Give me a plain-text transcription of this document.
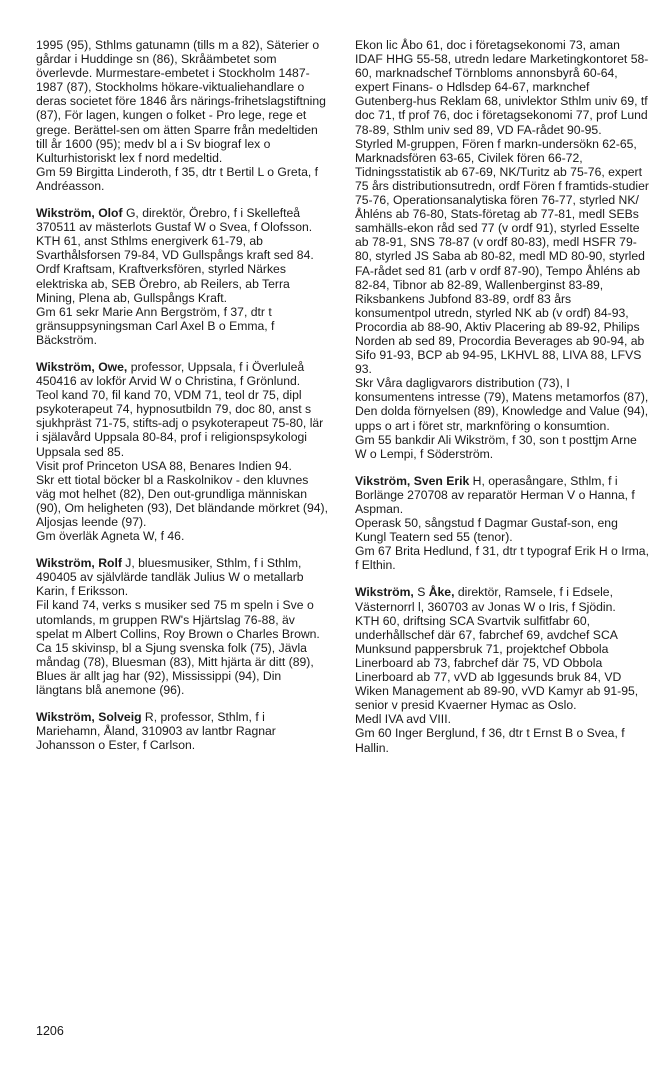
1995 (95), Sthlms gatunamn (tills m a 82), Säterier o gårdar i Huddinge sn (86), Skråämbetet som överlevde. Murmestare-embetet i Stockholm 1487-1987 (87), Stockholms hökare-viktualiehandlare o deras societet före 1846 års närings-frihetslagstiftning (87), För lagen, kungen o folket - Pro lege, rege et grege. Berättel-sen om ätten Sparre från medeltiden till år 1600 (95); medv bl a i Sv biograf lex o Kulturhistoriskt lex f nord medeltid.

Gm 59 Birgitta Linderoth, f 35, dtr t Bertil L o Greta, f Andréasson.

Wikström, Olof G, direktör, Örebro, f i Skellefteå 370511 av mästerlots Gustaf W o Svea, f Olofsson.

KTH 61, anst Sthlms energiverk 61-79, ab Svarthålsforsen 79-84, VD Gullspångs kraft sed 84.

Ordf Kraftsam, Kraftverksfören, styrled Närkes elektriska ab, SEB Örebro, ab Reilers, ab Terra Mining, Plena ab, Gullspångs Kraft.

Gm 61 sekr Marie Ann Bergström, f 37, dtr t gränsuppsyningsman Carl Axel B o Emma, f Bäckström.

Wikström, Owe, professor, Uppsala, f i Överluleå 450416 av lokför Arvid W o Christina, f Grönlund.

Teol kand 70, fil kand 70, VDM 71, teol dr 75, dipl psykoterapeut 74, hypnosutbildn 79, doc 80, anst s sjukhpräst 71-75, stifts-adj o psykoterapeut 75-80, lär i själavård Uppsala 80-84, prof i religionspsykologi Uppsala sed 85.

Visit prof Princeton USA 88, Benares Indien 94.

Skr ett tiotal böcker bl a Raskolnikov - den kluvnes väg mot helhet (82), Den out-grundliga människan (90), Om heligheten (93), Det bländande mörkret (94), Aljosjas leende (97).

Gm överläk Agneta W, f 46.

Wikström, Rolf J, bluesmusiker, Sthlm, f i Sthlm, 490405 av självlärde tandläk Julius W o metallarb Karin, f Eriksson.

Fil kand 74, verks s musiker sed 75 m speln i Sve o utomlands, m gruppen RW's Hjärtslag 76-88, äv spelat m Albert Collins, Roy Brown o Charles Brown.

Ca 15 skivinsp, bl a Sjung svenska folk (75), Jävla måndag (78), Bluesman (83), Mitt hjärta är ditt (89), Blues är allt jag har (92), Mississippi (94), Din längtans blå anemone (96).

Wikström, Solveig R, professor, Sthlm, f i Mariehamn, Åland, 310903 av lantbr Ragnar Johansson o Ester, f Carlson.

Ekon lic Åbo 61, doc i företagsekonomi 73, aman IDAF HHG 55-58, utredn ledare Marketingkontoret 58-60, marknadschef Törnbloms annonsbyrå 60-64, expert Finans- o Hdlsdep 64-67, marknchef Gutenberg-hus Reklam 68, univlektor Sthlm univ 69, tf doc 71, tf prof 76, doc i företagsekonomi 77, prof Lund 78-89, Sthlm univ sed 89, VD FA-rådet 90-95.

Styrled M-gruppen, Fören f markn-undersökn 62-65, Marknadsfören 63-65, Civilek fören 66-72, Tidningsstatistik ab 67-69, NK/Turitz ab 75-76, expert 75 års distributionsutredn, ordf Fören f framtids-studier 75-76, Operationsanalytiska fören 76-77, styrled NK/Åhléns ab 76-80, Stats-företag ab 77-81, medl SEBs samhälls-ekon råd sed 77 (v ordf 91), styrled Esselte ab 78-91, SNS 78-87 (v ordf 80-83), medl HSFR 79-80, styrled JS Saba ab 80-82, medl MD 80-90, styrled FA-rådet sed 81 (arb v ordf 87-90), Tempo Åhléns ab 82-84, Tibnor ab 82-89, Wallenberginst 83-89, Riksbankens Jubfond 83-89, ordf 83 års konsumentpol utredn, styrled NK ab (v ordf) 84-93, Procordia ab 88-90, Aktiv Placering ab 89-92, Philips Norden ab sed 89, Procordia Beverages ab 90-94, ab Sifo 91-93, BCP ab 94-95, LKHVL 88, LIVA 88, LFVS 93.

Skr Våra dagligvarors distribution (73), I konsumentens intresse (79), Matens metamorfos (87), Den dolda förnyelsen (89), Knowledge and Value (94), upps o art i föret str, marknföring o konsumtion.

Gm 55 bankdir Ali Wikström, f 30, son t posttjm Arne W o Lempi, f Söderström.

Vikström, Sven Erik H, operasångare, Sthlm, f i Borlänge 270708 av reparatör Herman V o Hanna, f Aspman.

Operask 50, sångstud f Dagmar Gustaf-son, eng Kungl Teatern sed 55 (tenor).

Gm 67 Brita Hedlund, f 31, dtr t typograf Erik H o Irma, f Elthin.

Wikström, S Åke, direktör, Ramsele, f i Edsele, Västernorrl l, 360703 av Jonas W o Iris, f Sjödin.

KTH 60, driftsing SCA Svartvik sulfitfabr 60, underhållschef där 67, fabrchef 69, avdchef SCA Munksund pappersbruk 71, projektchef Obbola Linerboard ab 73, fabrchef där 75, VD Obbola Linerboard ab 77, vVD ab Iggesunds bruk 84, VD Wiken Management ab 89-90, vVD Kamyr ab 91-95, senior v presid Kvaerner Hymac as Oslo.

Medl IVA avd VIII.

Gm 60 Inger Berglund, f 36, dtr t Ernst B o Svea, f Hallin.

1206
